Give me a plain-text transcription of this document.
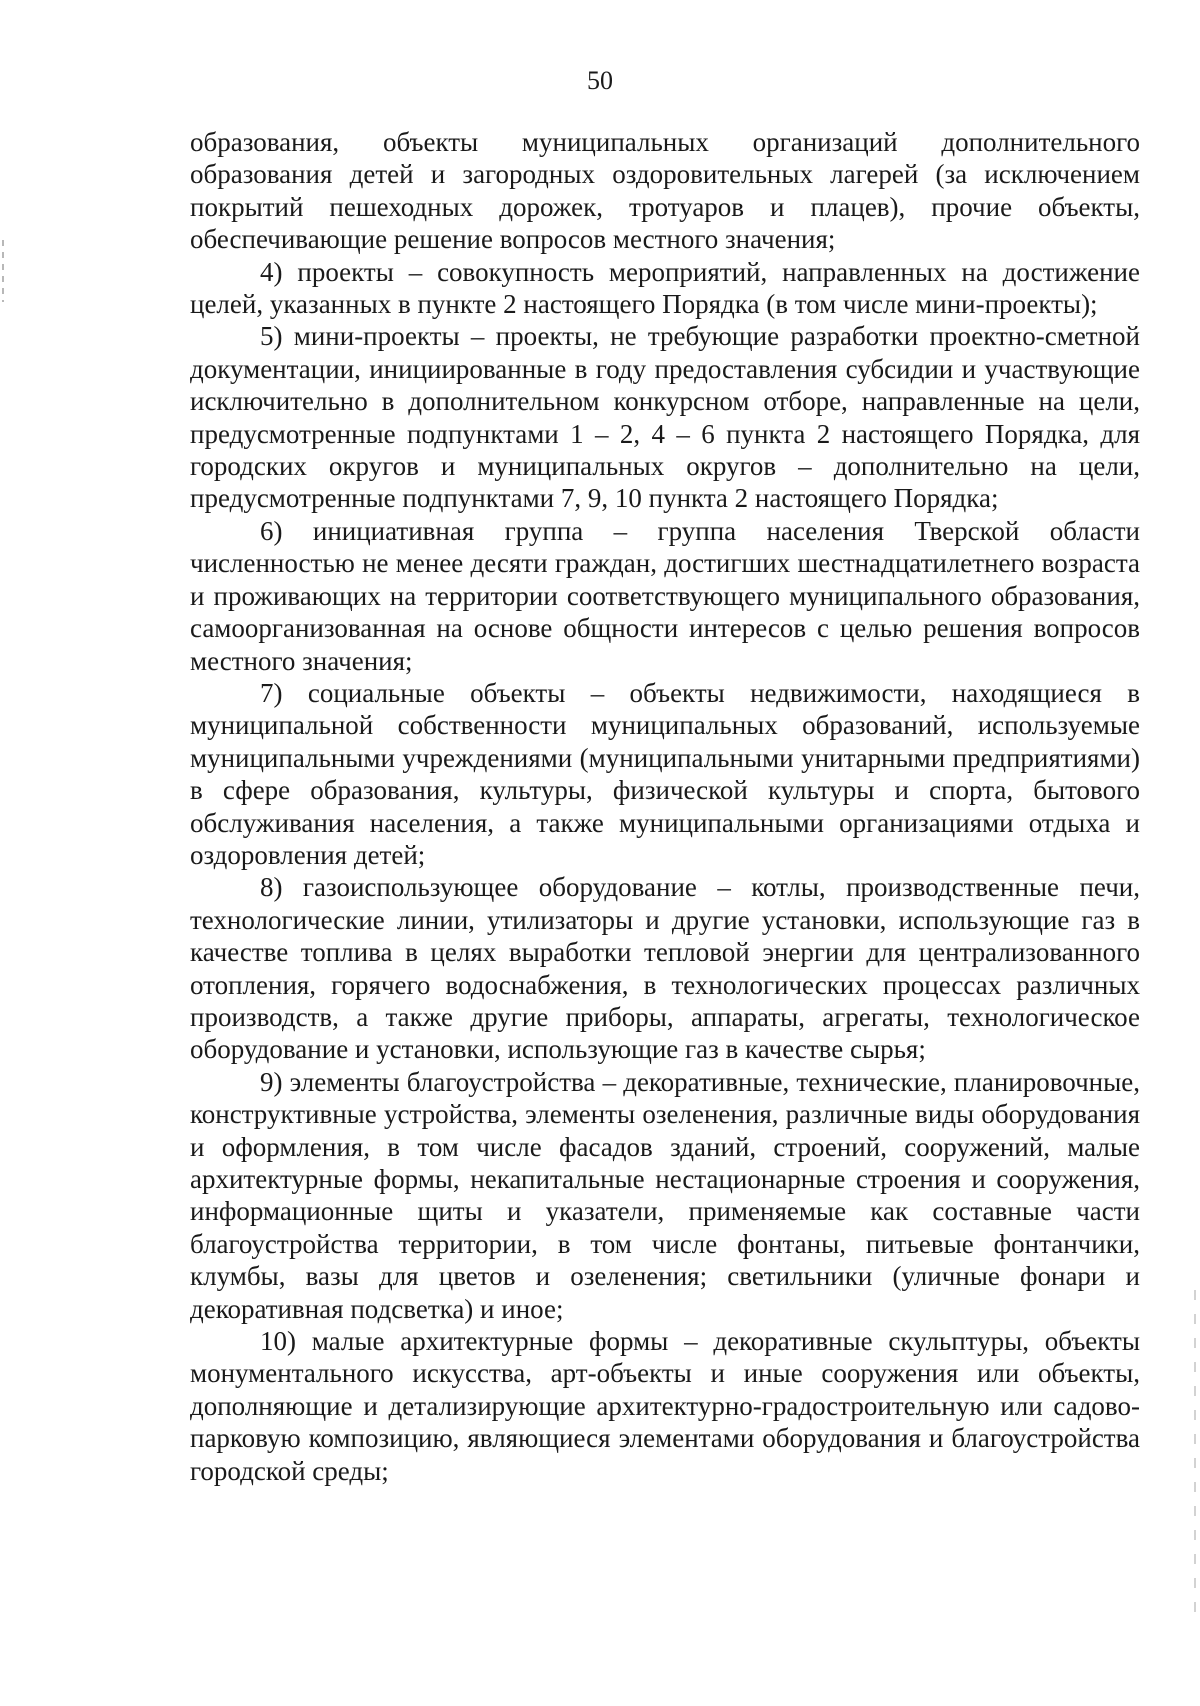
50

образования, объекты муниципальных организаций дополнительного образования детей и загородных оздоровительных лагерей (за исключением покрытий пешеходных дорожек, тротуаров и плацев), прочие объекты, обеспечивающие решение вопросов местного значения;

4) проекты – совокупность мероприятий, направленных на достижение целей, указанных в пункте 2 настоящего Порядка (в том числе мини-проекты);

5) мини-проекты – проекты, не требующие разработки проектно-сметной документации, инициированные в году предоставления субсидии и участвующие исключительно в дополнительном конкурсном отборе, направленные на цели, предусмотренные подпунктами 1 – 2, 4 – 6 пункта 2 настоящего Порядка, для городских округов и муниципальных округов – дополнительно на цели, предусмотренные подпунктами 7, 9, 10 пункта 2 настоящего Порядка;

6) инициативная группа – группа населения Тверской области численностью не менее десяти граждан, достигших шестнадцатилетнего возраста и проживающих на территории соответствующего муниципального образования, самоорганизованная на основе общности интересов с целью решения вопросов местного значения;

7) социальные объекты – объекты недвижимости, находящиеся в муниципальной собственности муниципальных образований, используемые муниципальными учреждениями (муниципальными унитарными предприятиями) в сфере образования, культуры, физической культуры и спорта, бытового обслуживания населения, а также муниципальными организациями отдыха и оздоровления детей;

8) газоиспользующее оборудование – котлы, производственные печи, технологические линии, утилизаторы и другие установки, использующие газ в качестве топлива в целях выработки тепловой энергии для централизованного отопления, горячего водоснабжения, в технологических процессах различных производств, а также другие приборы, аппараты, агрегаты, технологическое оборудование и установки, использующие газ в качестве сырья;

9) элементы благоустройства – декоративные, технические, планировочные, конструктивные устройства, элементы озеленения, различные виды оборудования и оформления, в том числе фасадов зданий, строений, сооружений, малые архитектурные формы, некапитальные нестационарные строения и сооружения, информационные щиты и указатели, применяемые как составные части благоустройства территории, в том числе фонтаны, питьевые фонтанчики, клумбы, вазы для цветов и озеленения; светильники (уличные фонари и декоративная подсветка) и иное;

10) малые архитектурные формы – декоративные скульптуры, объекты монументального искусства, арт-объекты и иные сооружения или объекты, дополняющие и детализирующие архитектурно-градостроительную или садово-парковую композицию, являющиеся элементами оборудования и благоустройства городской среды;
